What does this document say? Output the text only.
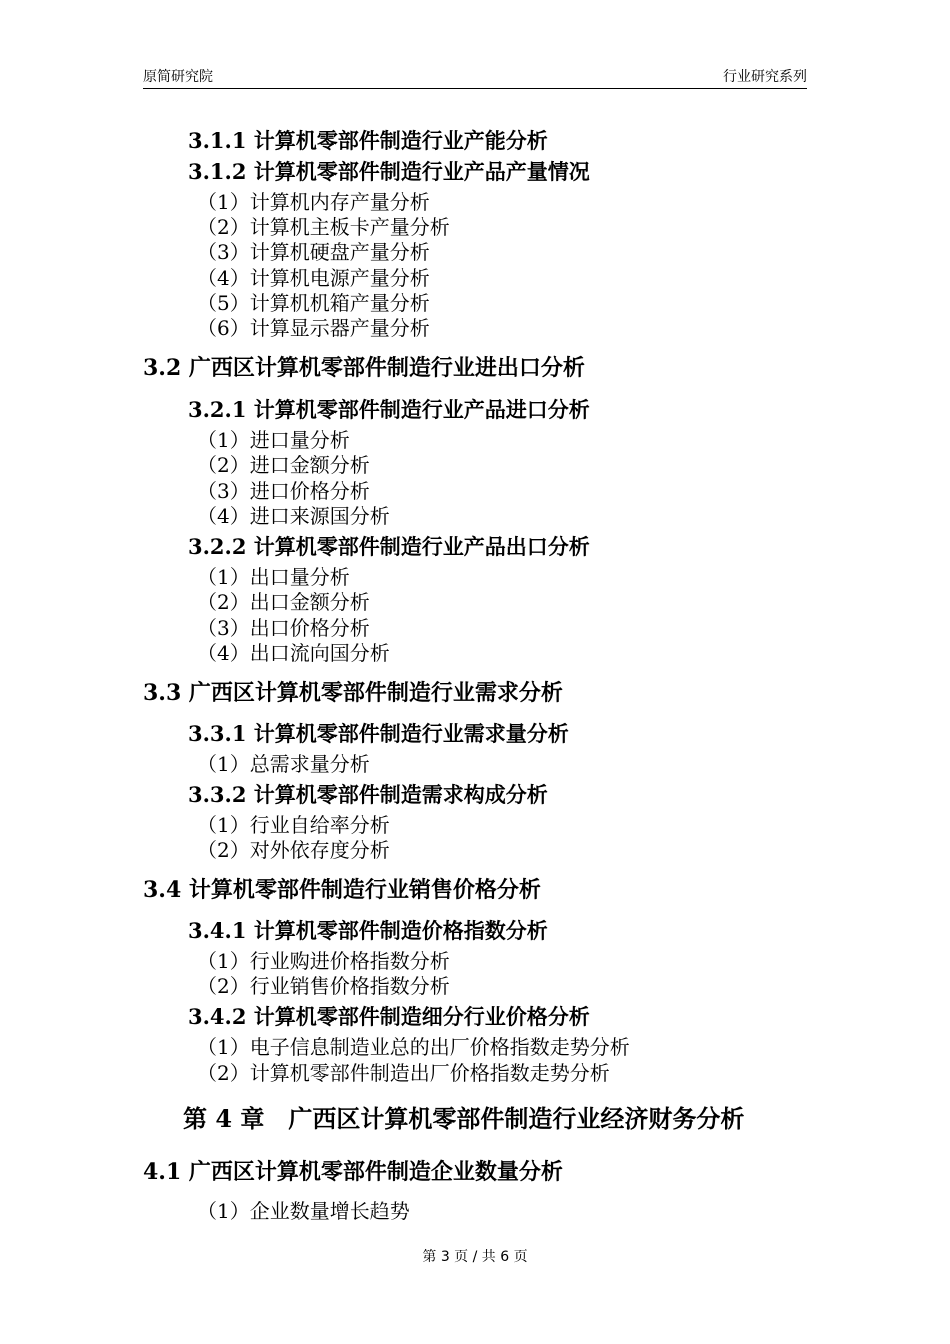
原简研究院	行业研究系列
3.1.1 计算机零部件制造行业产能分析
3.1.2 计算机零部件制造行业产品产量情况
（1）计算机内存产量分析
（2）计算机主板卡产量分析
（3）计算机硬盘产量分析
（4）计算机电源产量分析
（5）计算机机箱产量分析
（6）计算显示器产量分析
3.2 广西区计算机零部件制造行业进出口分析
3.2.1 计算机零部件制造行业产品进口分析
（1）进口量分析
（2）进口金额分析
（3）进口价格分析
（4）进口来源国分析
3.2.2 计算机零部件制造行业产品出口分析
（1）出口量分析
（2）出口金额分析
（3）出口价格分析
（4）出口流向国分析
3.3 广西区计算机零部件制造行业需求分析
3.3.1 计算机零部件制造行业需求量分析
（1）总需求量分析
3.3.2 计算机零部件制造需求构成分析
（1）行业自给率分析
（2）对外依存度分析
3.4 计算机零部件制造行业销售价格分析
3.4.1 计算机零部件制造价格指数分析
（1）行业购进价格指数分析
（2）行业销售价格指数分析
3.4.2 计算机零部件制造细分行业价格分析
（1）电子信息制造业总的出厂价格指数走势分析
（2）计算机零部件制造出厂价格指数走势分析
第 4 章　广西区计算机零部件制造行业经济财务分析
4.1 广西区计算机零部件制造企业数量分析
（1）企业数量增长趋势
第 3 页 / 共 6 页
